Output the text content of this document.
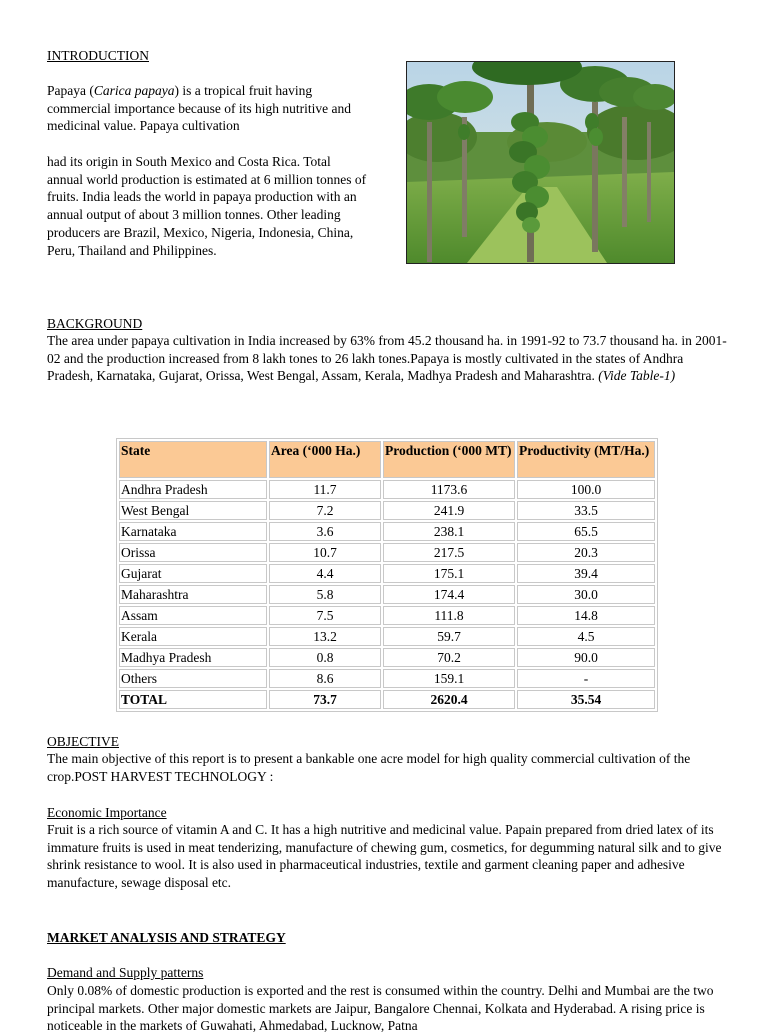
INTRODUCTION

Papaya (Carica papaya) is a tropical fruit having commercial importance because of its high nutritive and medicinal value. Papaya cultivation

had its origin in South Mexico and Costa Rica. Total annual world production is estimated at 6 million tonnes of fruits. India leads the world in papaya production with an annual output of about 3 million tonnes. Other leading producers are Brazil, Mexico, Nigeria, Indonesia, China, Peru, Thailand and Philippines.

BACKGROUND

The area under papaya cultivation in India increased by 63% from 45.2 thousand ha. in 1991-92 to 73.7 thousand ha. in 2001-02 and the production increased from 8 lakh tones to 26 lakh tones.Papaya is mostly cultivated in the states of Andhra Pradesh, Karnataka, Gujarat, Orissa, West Bengal, Assam, Kerala, Madhya Pradesh and Maharashtra. (Vide Table-1)

State	Area (‘000 Ha.)	Production (‘000 MT)	Productivity (MT/Ha.)
Andhra Pradesh	11.7	1173.6	100.0
West Bengal	7.2	241.9	33.5
Karnataka	3.6	238.1	65.5
Orissa	10.7	217.5	20.3
Gujarat	4.4	175.1	39.4
Maharashtra	5.8	174.4	30.0
Assam	7.5	111.8	14.8
Kerala	13.2	59.7	4.5
Madhya Pradesh	0.8	70.2	90.0
Others	8.6	159.1	-
TOTAL	73.7	2620.4	35.54
OBJECTIVE

The main objective of this report is to present a bankable one acre model for high quality commercial cultivation of the crop.POST HARVEST TECHNOLOGY :

Economic Importance

Fruit is a rich source of vitamin A and C. It has a high nutritive and medicinal value. Papain prepared from dried latex of its immature fruits is used in meat tenderizing, manufacture of chewing gum, cosmetics, for degumming natural silk and to give shrink resistance to wool. It is also used in pharmaceutical industries, textile and garment cleaning paper and adhesive manufacture, sewage disposal etc.

MARKET ANALYSIS AND STRATEGY
Demand and Supply patterns

Only 0.08% of domestic production is exported and the rest is consumed within the country. Delhi and Mumbai are the two principal markets. Other major domestic markets are Jaipur, Bangalore Chennai, Kolkata and Hyderabad. A rising price is noticeable in the markets of Guwahati, Ahmedabad, Lucknow, Patna
